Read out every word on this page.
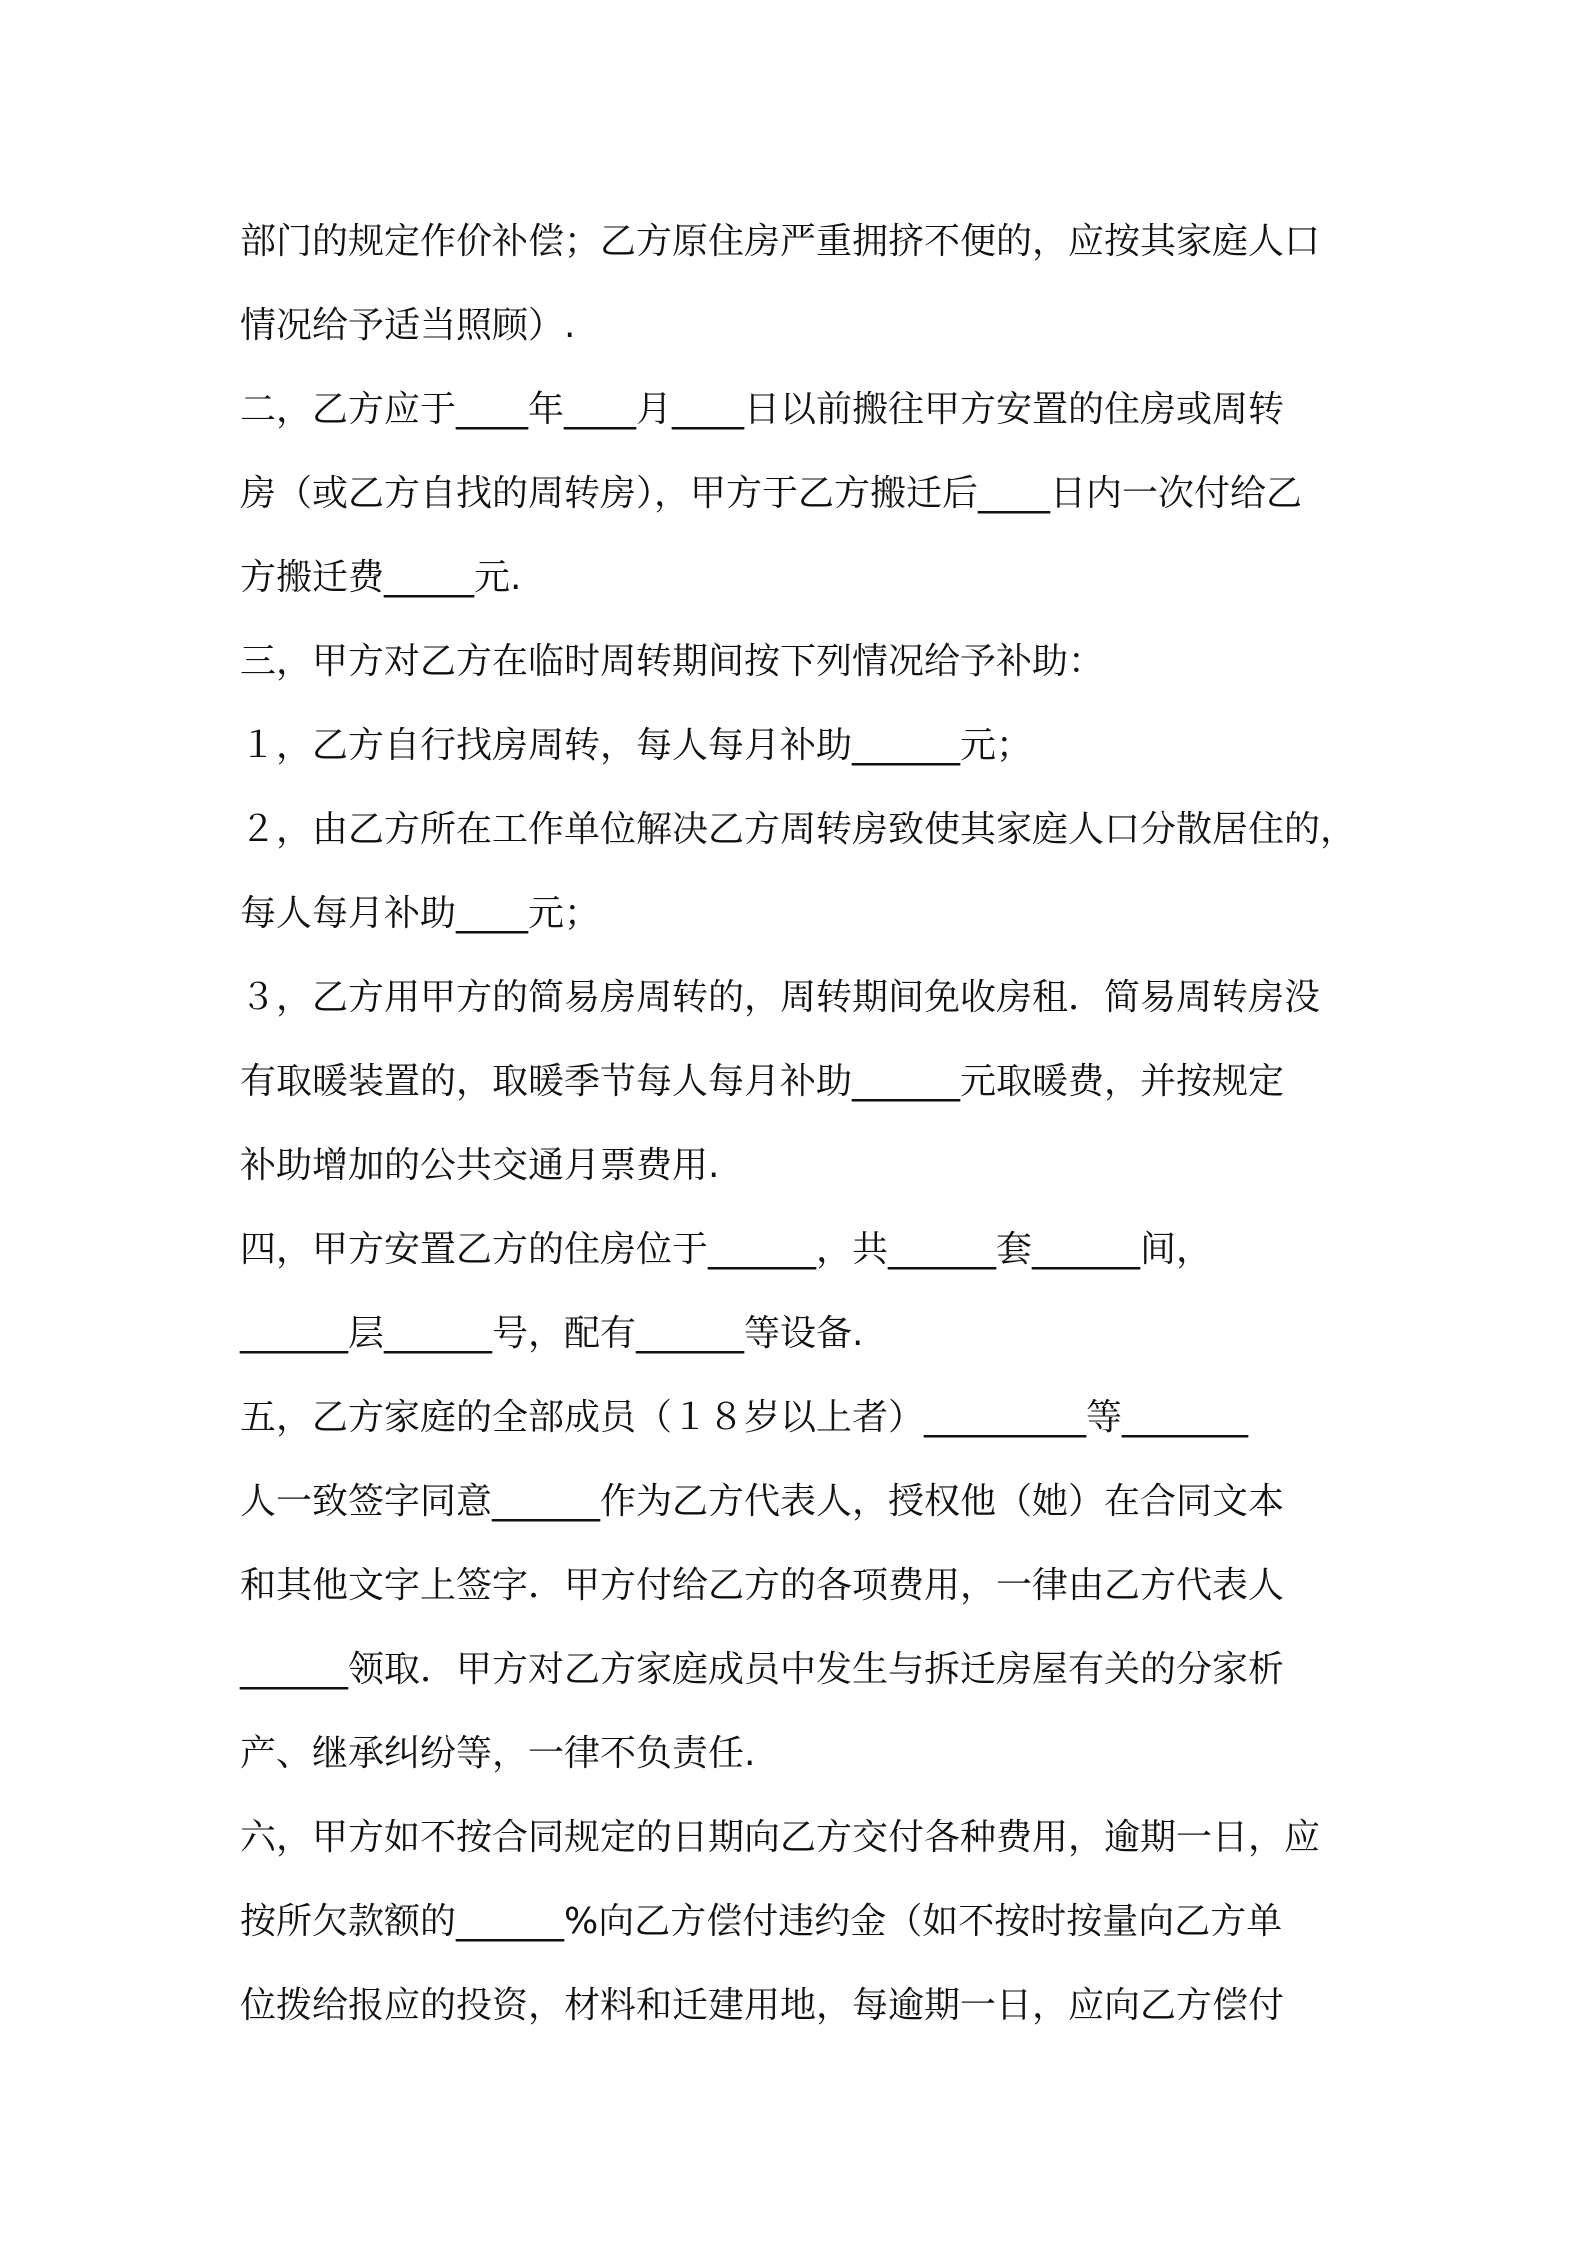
部门的规定作价补偿；乙方原住房严重拥挤不便的，应按其家庭人口
情况给予适当照顾）.
二，乙方应于____年____月____日以前搬往甲方安置的住房或周转
房（或乙方自找的周转房），甲方于乙方搬迁后____日内一次付给乙
方搬迁费_____元.
三，甲方对乙方在临时周转期间按下列情况给予补助：
１，乙方自行找房周转，每人每月补助______元；
２，由乙方所在工作单位解决乙方周转房致使其家庭人口分散居住的，
每人每月补助____元；
３，乙方用甲方的简易房周转的，周转期间免收房租．简易周转房没
有取暖装置的，取暖季节每人每月补助______元取暖费，并按规定
补助增加的公共交通月票费用.
四，甲方安置乙方的住房位于______，共______套______间，
______层______号，配有______等设备.
五，乙方家庭的全部成员（１８岁以上者）_________等_______
人一致签字同意______作为乙方代表人，授权他（她）在合同文本
和其他文字上签字．甲方付给乙方的各项费用，一律由乙方代表人
______领取．甲方对乙方家庭成员中发生与拆迁房屋有关的分家析
产、继承纠纷等，一律不负责任.
六，甲方如不按合同规定的日期向乙方交付各种费用，逾期一日，应
按所欠款额的______%向乙方偿付违约金（如不按时按量向乙方单
位拨给报应的投资，材料和迁建用地，每逾期一日，应向乙方偿付
